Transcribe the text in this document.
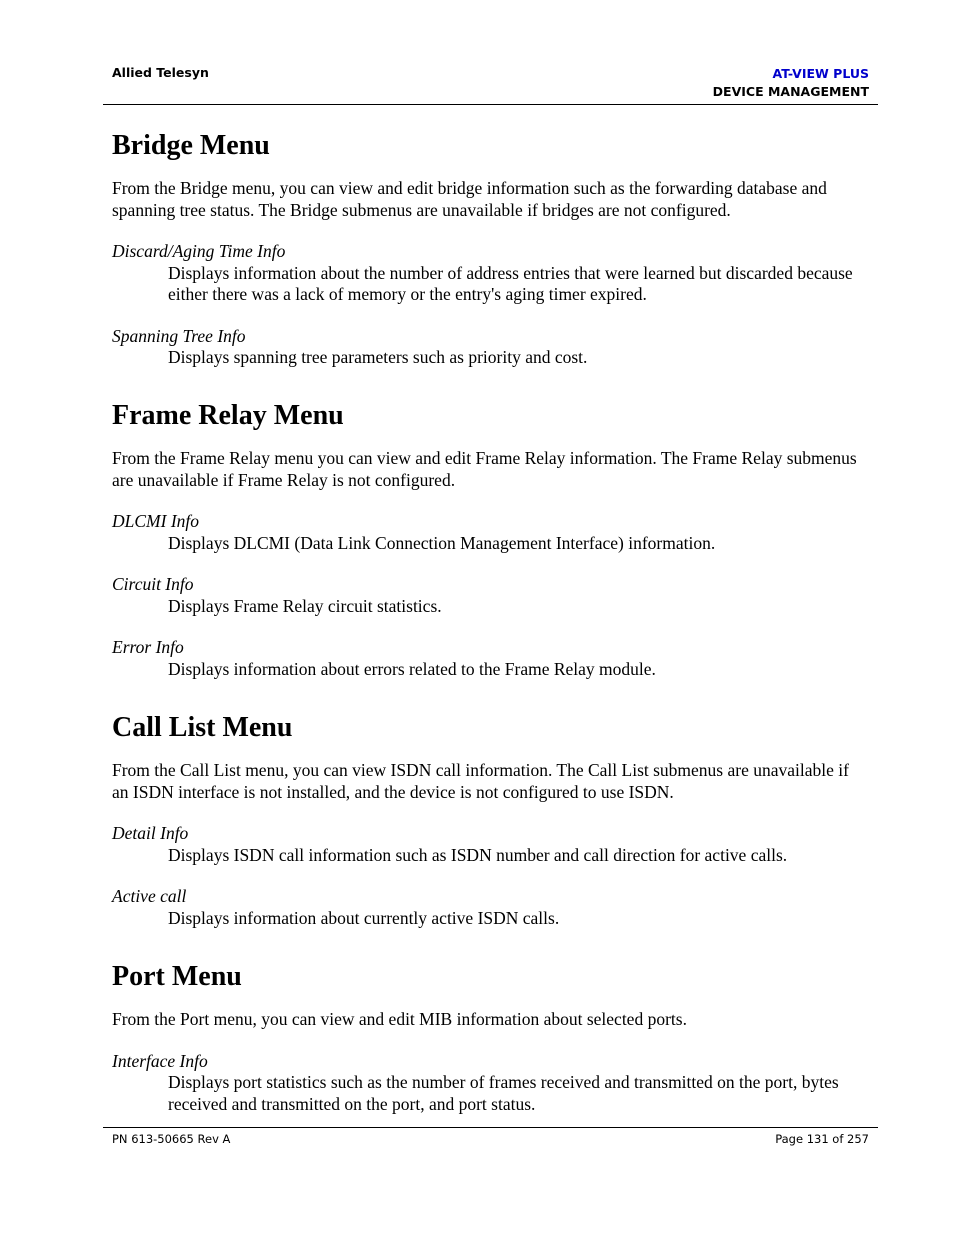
Allied Telesyn	AT-VIEW PLUS
DEVICE MANAGEMENT
Bridge Menu

From the Bridge menu, you can view and edit bridge information such as the forwarding database and spanning tree status. The Bridge submenus are unavailable if bridges are not configured.

Discard/Aging Time Info
Displays information about the number of address entries that were learned but discarded because either there was a lack of memory or the entry's aging timer expired.
Spanning Tree Info
Displays spanning tree parameters such as priority and cost.
Frame Relay Menu

From the Frame Relay menu you can view and edit Frame Relay information. The Frame Relay submenus are unavailable if Frame Relay is not configured.

DLCMI Info
Displays DLCMI (Data Link Connection Management Interface) information.
Circuit Info
Displays Frame Relay circuit statistics.
Error Info
Displays information about errors related to the Frame Relay module.
Call List Menu

From the Call List menu, you can view ISDN call information. The Call List submenus are unavailable if an ISDN interface is not installed, and the device is not configured to use ISDN.

Detail Info
Displays ISDN call information such as ISDN number and call direction for active calls.
Active call
Displays information about currently active ISDN calls.
Port Menu

From the Port menu, you can view and edit MIB information about selected ports.

Interface Info
Displays port statistics such as the number of frames received and transmitted on the port, bytes received and transmitted on the port, and port status.
PN 613-50665 Rev A	Page 131 of 257
